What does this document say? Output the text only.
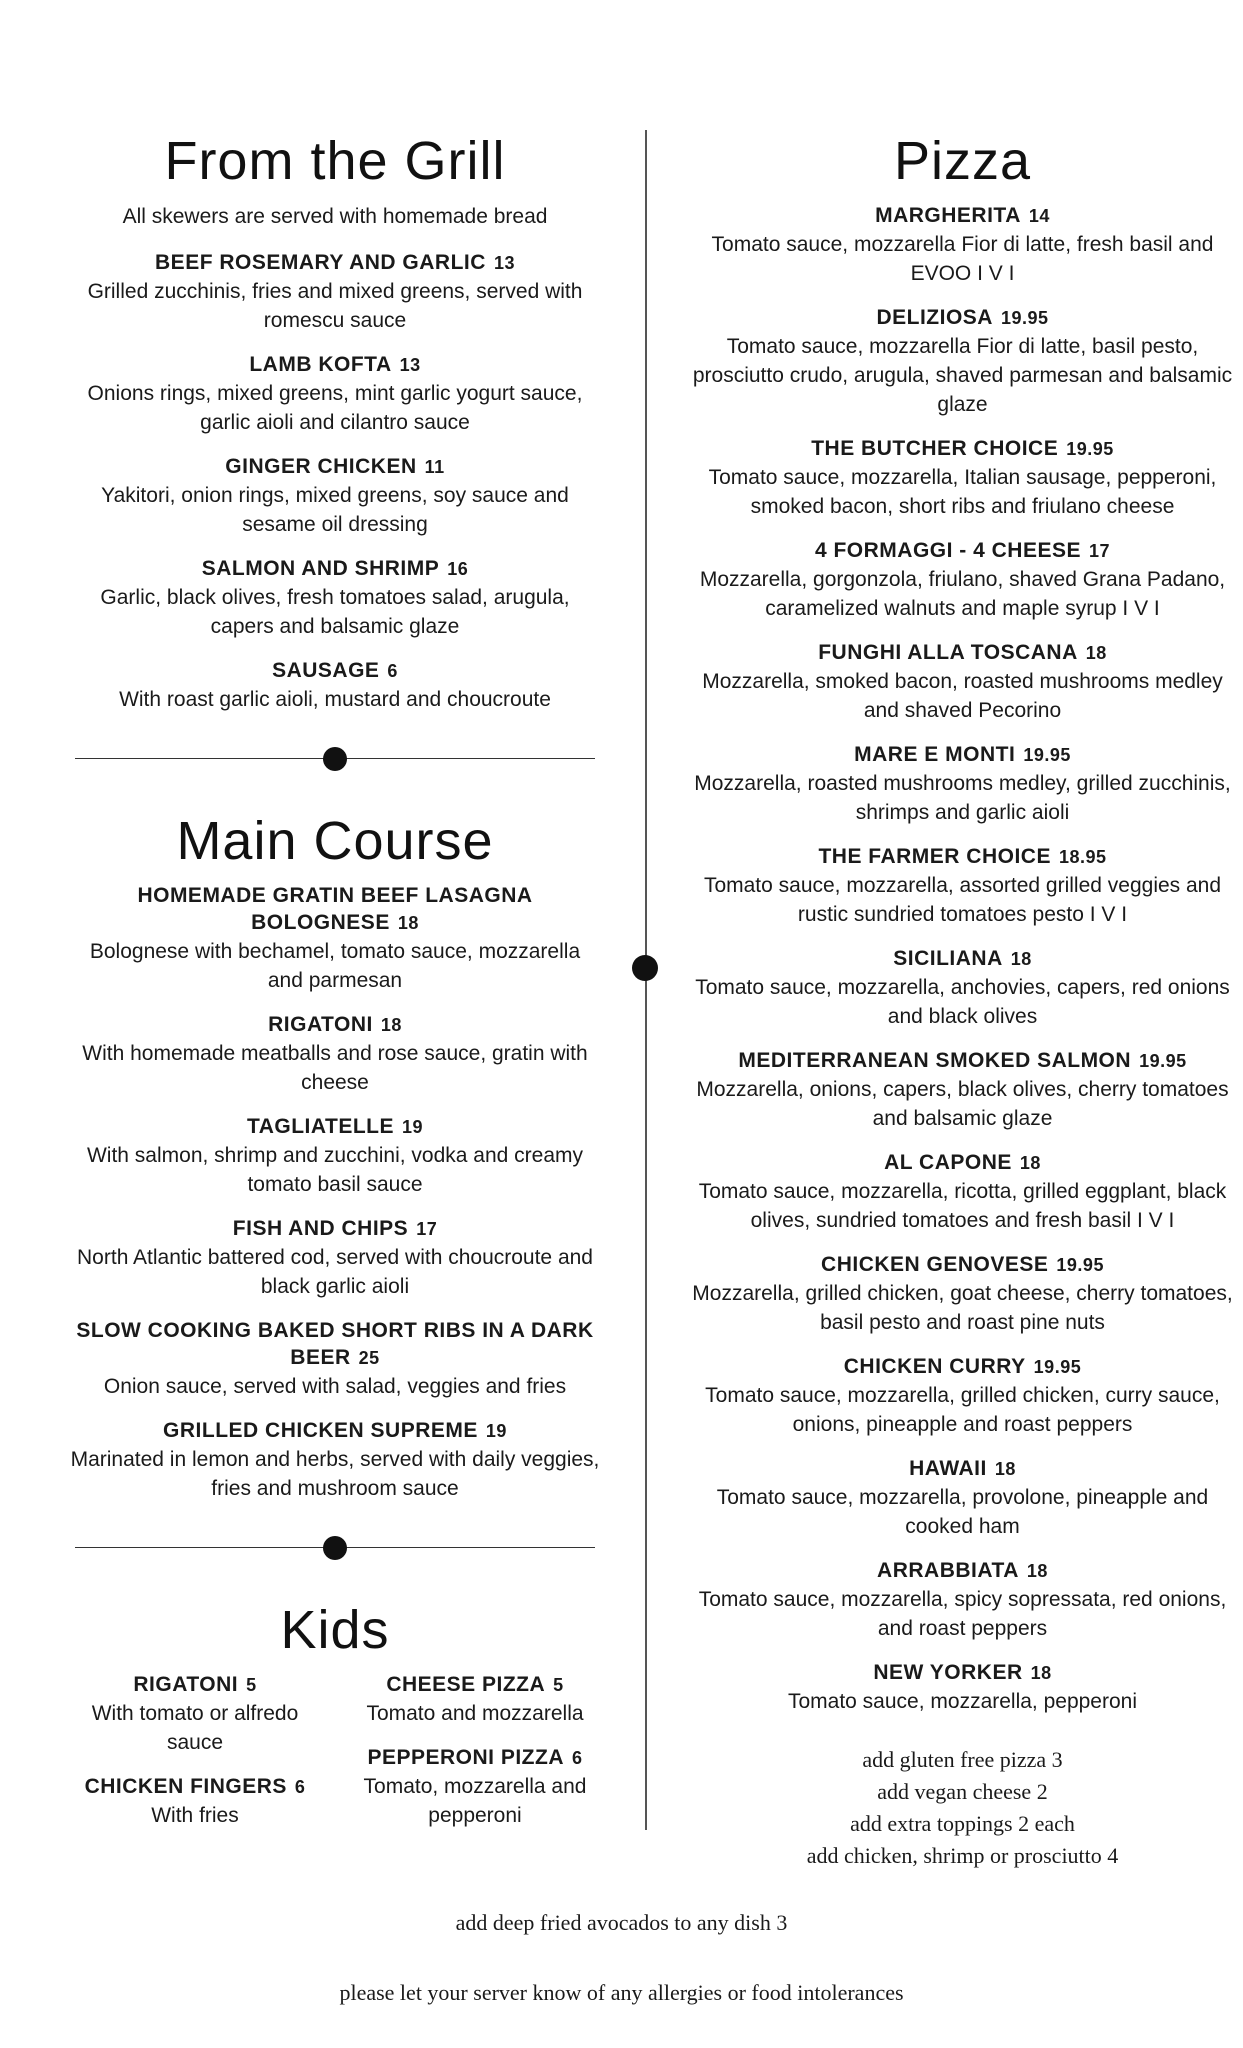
From the Grill
All skewers are served with homemade bread
BEEF ROSEMARY AND GARLIC 13
Grilled zucchinis, fries and mixed greens, served with romescu sauce
LAMB KOFTA 13
Onions rings, mixed greens, mint garlic yogurt sauce, garlic aioli and cilantro sauce
GINGER CHICKEN 11
Yakitori, onion rings, mixed greens, soy sauce and sesame oil dressing
SALMON AND SHRIMP 16
Garlic, black olives, fresh tomatoes salad, arugula, capers and balsamic glaze
SAUSAGE 6
With roast garlic aioli, mustard and choucroute
Main Course
HOMEMADE GRATIN BEEF LASAGNA BOLOGNESE 18
Bolognese with bechamel, tomato sauce, mozzarella and parmesan
RIGATONI 18
With homemade meatballs and rose sauce, gratin with cheese
TAGLIATELLE 19
With salmon, shrimp and zucchini, vodka and creamy tomato basil sauce
FISH AND CHIPS 17
North Atlantic battered cod, served with choucroute and black garlic aioli
SLOW COOKING BAKED SHORT RIBS IN A DARK BEER 25
Onion sauce, served with salad, veggies and fries
GRILLED CHICKEN SUPREME 19
Marinated in lemon and herbs, served with daily veggies, fries and mushroom sauce
Kids
RIGATONI 5
With tomato or alfredo sauce
CHICKEN FINGERS 6
With fries
CHEESE PIZZA 5
Tomato and mozzarella
PEPPERONI PIZZA 6
Tomato, mozzarella and pepperoni
Pizza
MARGHERITA 14
Tomato sauce, mozzarella Fior di latte, fresh basil and EVOO I V I
DELIZIOSA 19.95
Tomato sauce, mozzarella Fior di latte, basil pesto, prosciutto crudo, arugula, shaved parmesan and balsamic glaze
THE BUTCHER CHOICE 19.95
Tomato sauce, mozzarella, Italian sausage, pepperoni, smoked bacon, short ribs and friulano cheese
4 FORMAGGI - 4 CHEESE 17
Mozzarella, gorgonzola, friulano, shaved Grana Padano, caramelized walnuts and maple syrup I V I
FUNGHI ALLA TOSCANA 18
Mozzarella, smoked bacon, roasted mushrooms medley and shaved Pecorino
MARE E MONTI 19.95
Mozzarella, roasted mushrooms medley, grilled zucchinis, shrimps and garlic aioli
THE FARMER CHOICE 18.95
Tomato sauce, mozzarella, assorted grilled veggies and rustic sundried tomatoes pesto I V I
SICILIANA 18
Tomato sauce, mozzarella, anchovies, capers, red onions and black olives
MEDITERRANEAN SMOKED SALMON 19.95
Mozzarella, onions, capers, black olives, cherry tomatoes and balsamic glaze
AL CAPONE 18
Tomato sauce, mozzarella, ricotta, grilled eggplant, black olives, sundried tomatoes and fresh basil I V I
CHICKEN GENOVESE 19.95
Mozzarella, grilled chicken, goat cheese, cherry tomatoes, basil pesto and roast pine nuts
CHICKEN CURRY 19.95
Tomato sauce, mozzarella, grilled chicken, curry sauce, onions, pineapple and roast peppers
HAWAII 18
Tomato sauce, mozzarella, provolone, pineapple and cooked ham
ARRABBIATA 18
Tomato sauce, mozzarella, spicy sopressata, red onions, and roast peppers
NEW YORKER 18
Tomato sauce, mozzarella, pepperoni
add gluten free pizza 3
add vegan cheese 2
add extra toppings 2 each
add chicken, shrimp or prosciutto 4
add deep fried avocados to any dish 3
please let your server know of any allergies or food intolerances
